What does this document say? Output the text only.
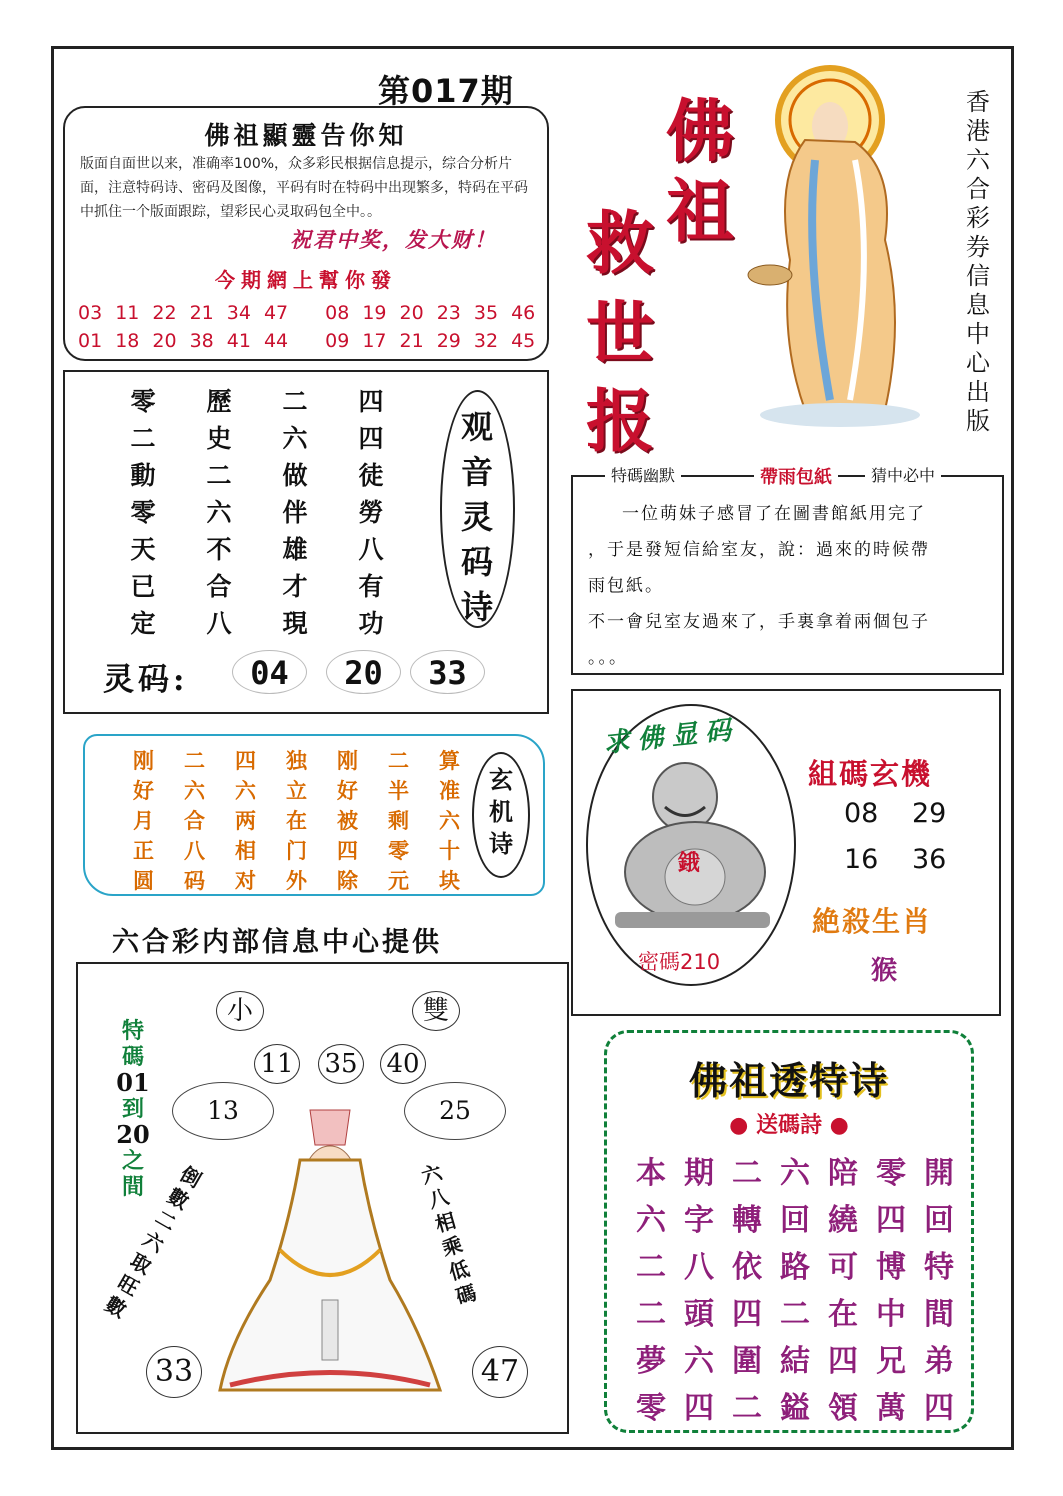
第017期
佛祖顯靈告你知
版面自面世以来，准确率100%，众多彩民根据信息提示，综合分析片面，注意特码诗、密码及图像，平码有时在特码中出现繁多，特码在平码中抓住一个版面跟踪，望彩民心灵取码包全中。。
祝君中奖，发大财！
今期網上幫你發
03 11 22 21 34 47 08 19 20 23 35 46
01 18 20 38 41 44 09 17 21 29 32 45
佛
祖
救
世
报
香港六合彩券信息中心出版
零	歷	二	四
二	史	六	四
動	二	做	徒
零	六	伴	勞
天	不	雄	八
已	合	才	有
定	八	現	功
观音灵码诗
灵码:	04	20	33
刚	二	四	独	刚	二	算
好	六	六	立	好	半	准
月	合	两	在	被	剩	六
正	八	相	门	四	零	十
圆	码	对	外	除	元	块
玄机诗
六合彩内部信息中心提供
特
碼
01
到
20
之
間
小	雙
11 35 40
13	25
倒數二六取旺數
六八相乘低碼
33	47
特碼幽默	帶雨包紙	猜中必中
一位萌妹子感冒了在圖書館紙用完了
，于是發短信給室友，說：過來的時候帶
雨包紙。
不一會兒室友過來了，手裏拿着兩個包子
。。。
求佛显码
鋨
密碼210
組碼玄機
08 29
16 36
絶殺生肖
猴
佛祖透特诗
● 送碼詩 ●
本 期 二 六 陪 零 開
六 字 轉 回 繞 四 回
二 八 依 路 可 博 特
二 頭 四 二 在 中 間
夢 六 圍 結 四 兄 弟
零 四 二 鎰 領 萬 四
